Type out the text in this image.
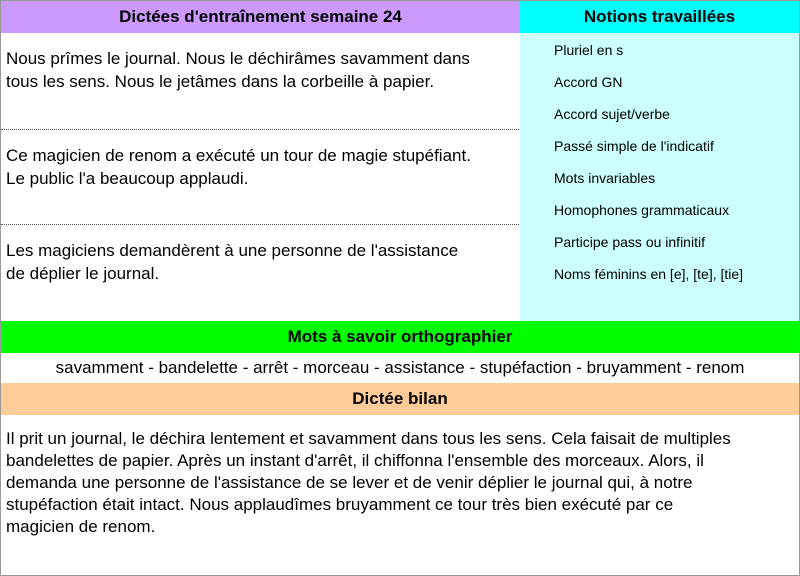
Dictées d'entraînement semaine 24	Notions travaillées
Nous prîmes le journal. Nous le déchirâmes savamment dans
tous les sens. Nous le jetâmes dans la corbeille à papier.
Ce magicien de renom a exécuté un tour de magie stupéfiant.
Le public l'a beaucoup applaudi.
Les magiciens demandèrent à une personne de l'assistance
de déplier le journal.
Pluriel en s
Accord GN
Accord sujet/verbe
Passé simple de l'indicatif
Mots invariables
Homophones grammaticaux
Participe pass ou infinitif
Noms féminins en [e], [te], [tie]
Mots à savoir orthographier
savamment - bandelette - arrêt - morceau - assistance - stupéfaction - bruyamment - renom
Dictée bilan
Il prit un journal, le déchira lentement et savamment dans tous les sens. Cela faisait de multiples
bandelettes de papier. Après un instant d'arrêt, il chiffonna l'ensemble des morceaux. Alors, il
demanda une personne de l'assistance de se lever et de venir déplier le journal qui, à notre
stupéfaction était intact. Nous applaudîmes bruyamment ce tour très bien exécuté par ce
magicien de renom.
